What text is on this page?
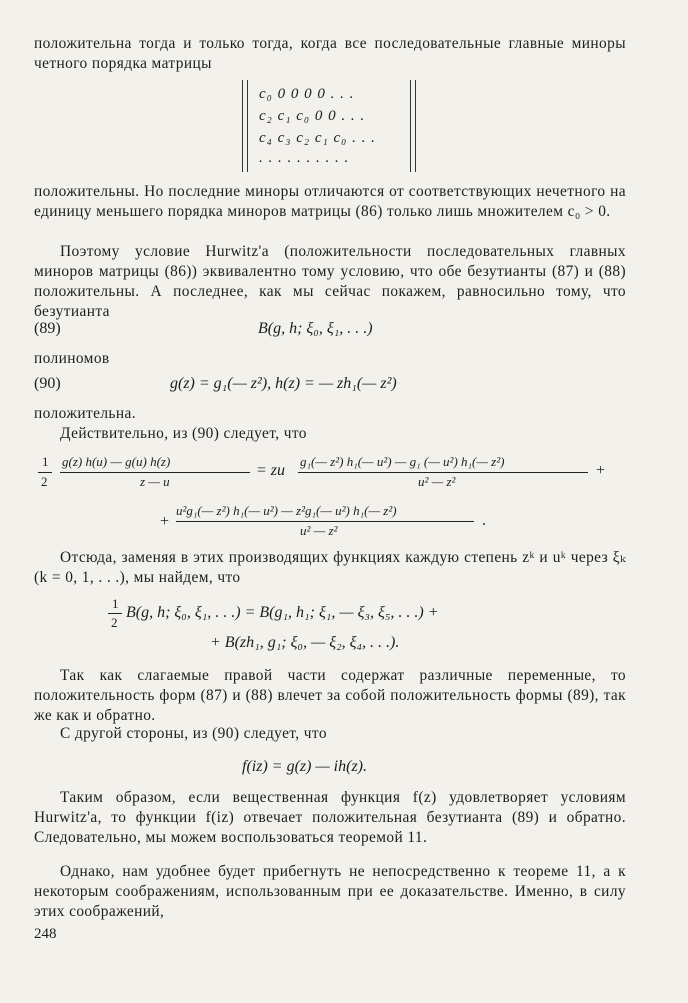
положительна тогда и только тогда, когда все последовательные главные миноры четного порядка матрицы
c₀ 0 0 0 0 . . .
c₂ c₁ c₀ 0 0 . . .
c₄ c₃ c₂ c₁ c₀ . . .
. . . . . . . . . .
положительны. Но последние миноры отличаются от соответствующих нечетного на единицу меньшего порядка миноров матрицы (86) только лишь множителем c₀ > 0.
Поэтому условие Hurwitz'a (положительности последовательных главных миноров матрицы (86)) эквивалентно тому условию, что обе безутианты (87) и (88) положительны. А последнее, как мы сейчас покажем, равносильно тому, что безутианта
(89)	B(g, h; ξ₀, ξ₁, . . .)
полиномов
(90)	g(z) = g₁(— z²), h(z) = — zh₁(— z²)
положительна.
Действительно, из (90) следует, что
1
2
g(z) h(u) — g(u) h(z)
z — u
= zu
g₁(— z²) h₁(— u²) — g₁ (— u²) h₁(— z²)
u² — z²
+
+
u²g₁(— z²) h₁(— u²) — z²g₁(— u²) h₁(— z²)
u² — z²
.
Отсюда, заменяя в этих производящих функциях каждую степень zᵏ и uᵏ через ξₖ (k = 0, 1, . . .), мы найдем, что
1
2
B(g, h; ξ₀, ξ₁, . . .) = B(g₁, h₁; ξ₁, — ξ₃, ξ₅, . . .) +
+ B(zh₁, g₁; ξ₀, — ξ₂, ξ₄, . . .).
Так как слагаемые правой части содержат различные переменные, то положительность форм (87) и (88) влечет за собой положительность формы (89), так же как и обратно.
С другой стороны, из (90) следует, что
f(iz) = g(z) — ih(z).
Таким образом, если вещественная функция f(z) удовлетворяет условиям Hurwitz'a, то функции f(iz) отвечает положительная безутианта (89) и обратно. Следовательно, мы можем воспользоваться теоремой 11.
Однако, нам удобнее будет прибегнуть не непосредственно к теореме 11, а к некоторым соображениям, использованным при ее доказательстве. Именно, в силу этих соображений,
248
